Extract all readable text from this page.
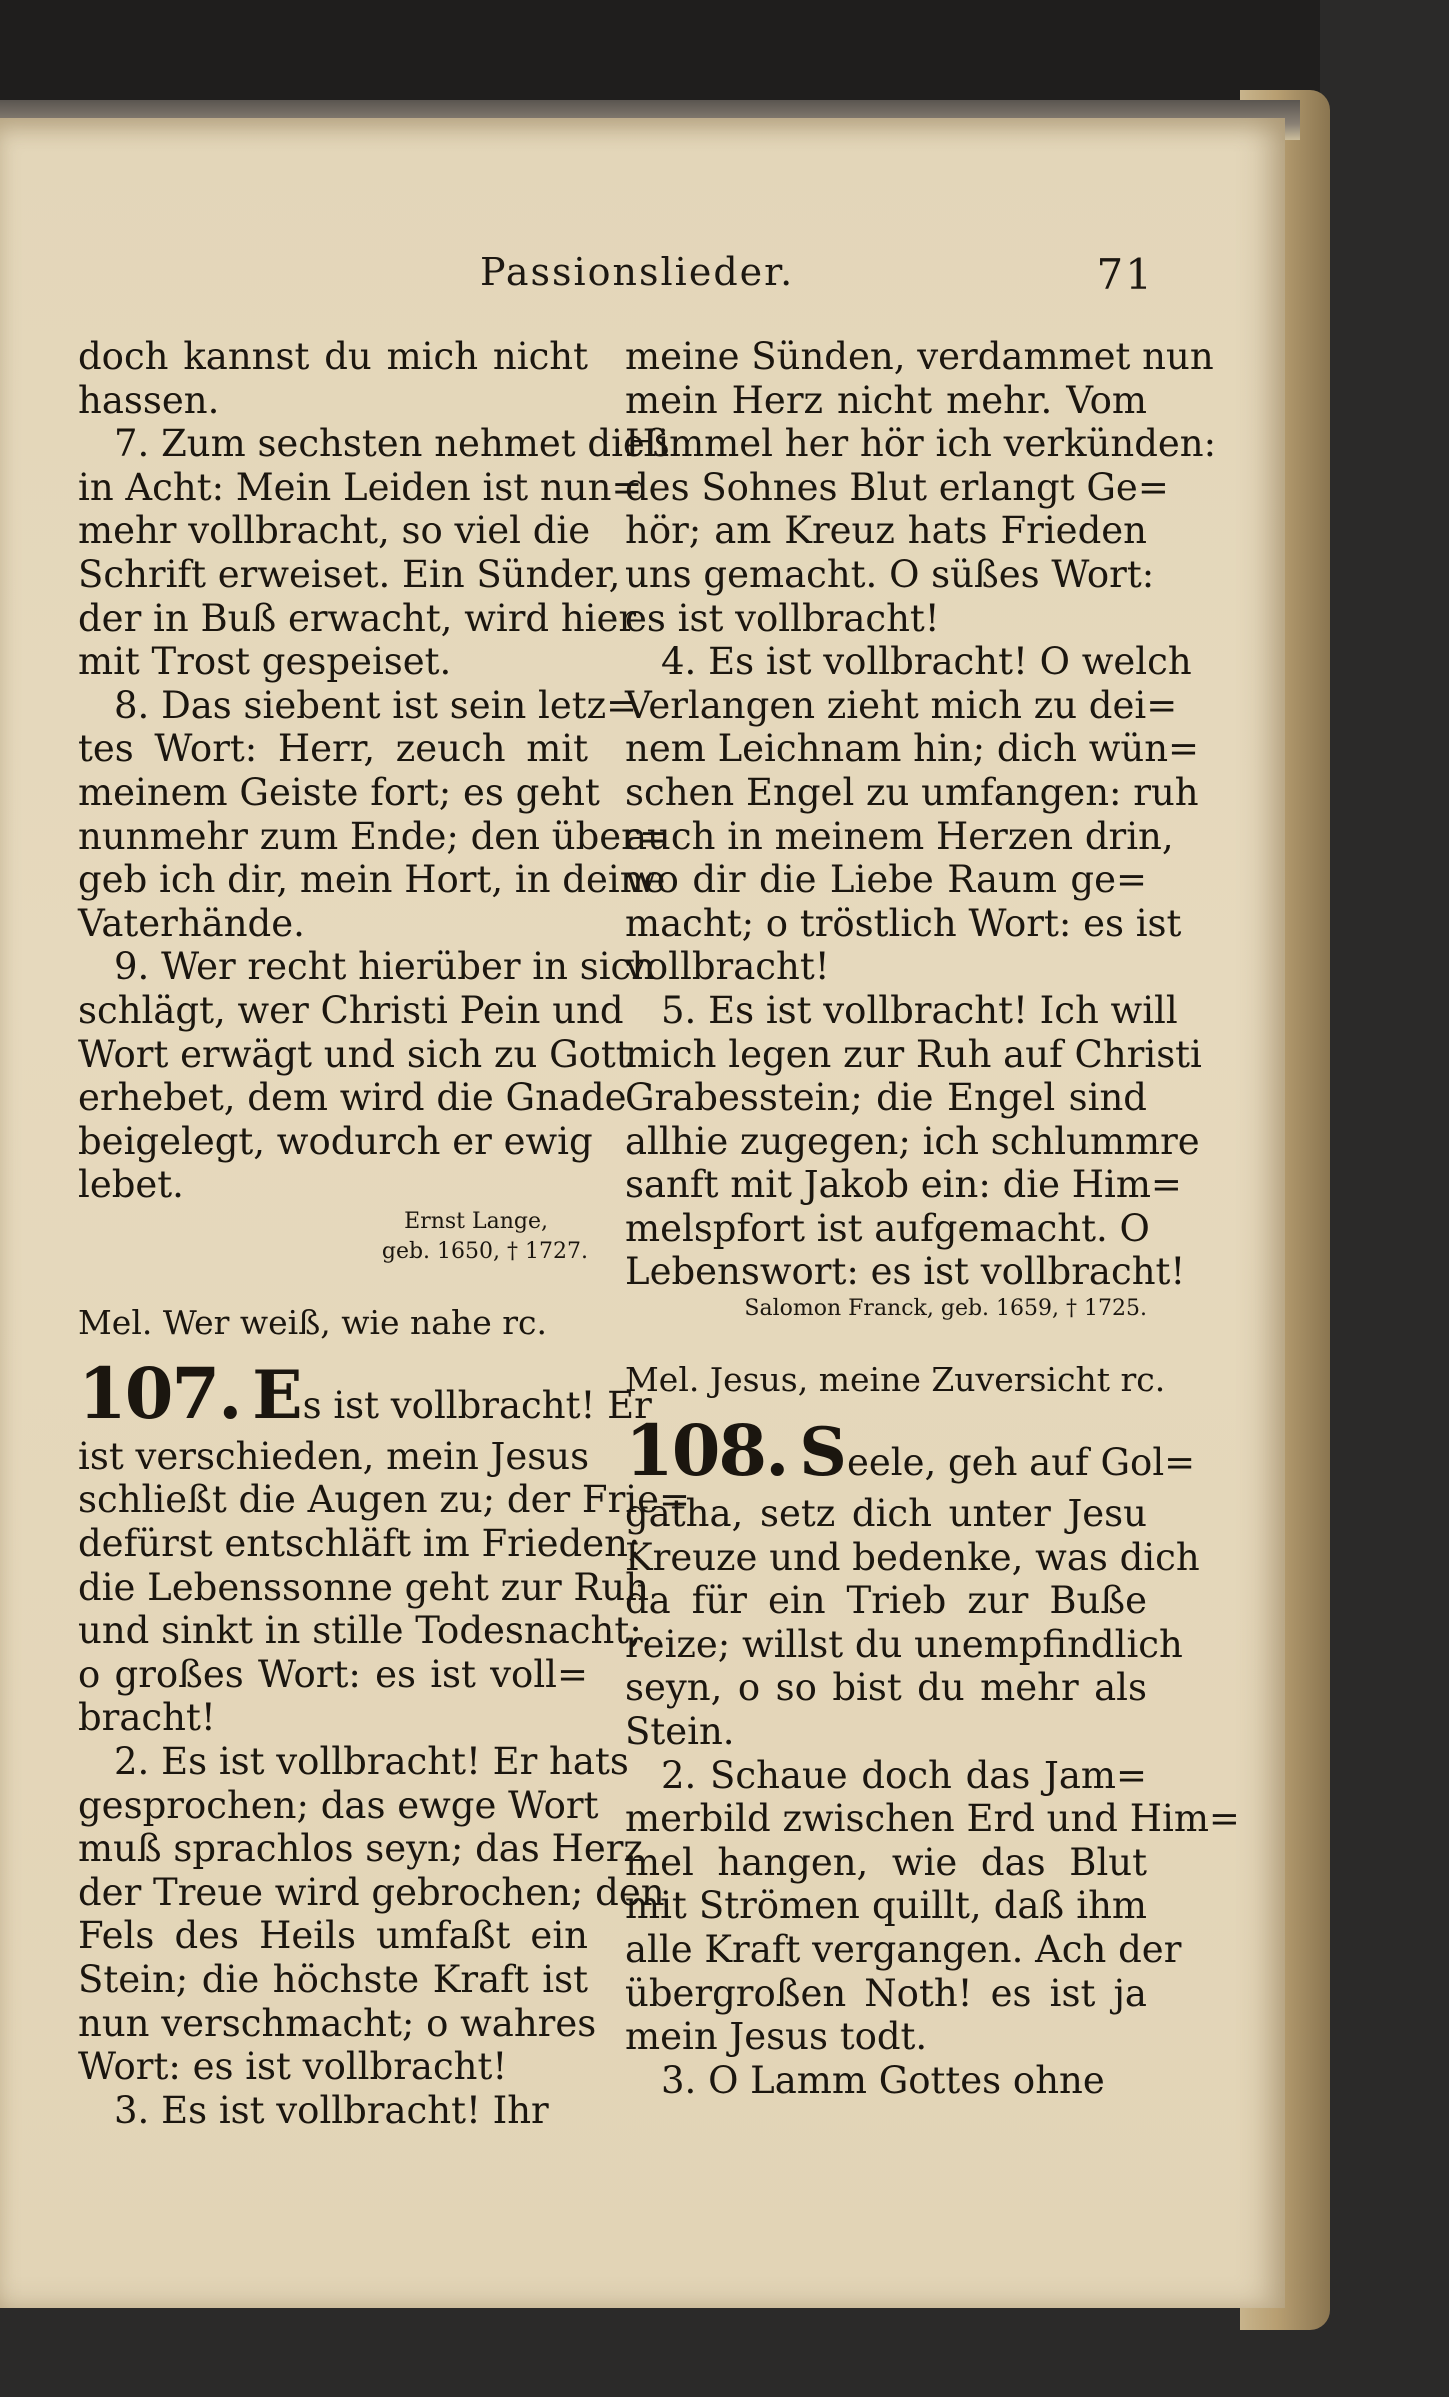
Passionslieder.	71
doch kannst du mich nicht
hassen.
7. Zum sechsten nehmet dieß
in Acht: Mein Leiden ist nun=
mehr vollbracht, so viel die
Schrift erweiset. Ein Sünder,
der in Buß erwacht, wird hier
mit Trost gespeiset.
8. Das siebent ist sein letz=
tes Wort: Herr, zeuch mit
meinem Geiste fort; es geht
nunmehr zum Ende; den über=
geb ich dir, mein Hort, in deine
Vaterhände.
9. Wer recht hierüber in sich
schlägt, wer Christi Pein und
Wort erwägt und sich zu Gott
erhebet, dem wird die Gnade
beigelegt, wodurch er ewig
lebet.
Ernst Lange,
geb. 1650, † 1727.
Mel. Wer weiß, wie nahe rc.
107. Es ist vollbracht! Er
ist verschieden, mein Jesus
schließt die Augen zu; der Frie=
defürst entschläft im Frieden;
die Lebenssonne geht zur Ruh
und sinkt in stille Todesnacht;
o großes Wort: es ist voll=
bracht!
2. Es ist vollbracht! Er hats
gesprochen; das ewge Wort
muß sprachlos seyn; das Herz
der Treue wird gebrochen; den
Fels des Heils umfaßt ein
Stein; die höchste Kraft ist
nun verschmacht; o wahres
Wort: es ist vollbracht!
3. Es ist vollbracht! Ihr
meine Sünden, verdammet nun
mein Herz nicht mehr. Vom
Himmel her hör ich verkünden:
des Sohnes Blut erlangt Ge=
hör; am Kreuz hats Frieden
uns gemacht. O süßes Wort:
es ist vollbracht!
4. Es ist vollbracht! O welch
Verlangen zieht mich zu dei=
nem Leichnam hin; dich wün=
schen Engel zu umfangen: ruh
auch in meinem Herzen drin,
wo dir die Liebe Raum ge=
macht; o tröstlich Wort: es ist
vollbracht!
5. Es ist vollbracht! Ich will
mich legen zur Ruh auf Christi
Grabesstein; die Engel sind
allhie zugegen; ich schlummre
sanft mit Jakob ein: die Him=
melspfort ist aufgemacht. O
Lebenswort: es ist vollbracht!
Salomon Franck, geb. 1659, † 1725.
Mel. Jesus, meine Zuversicht rc.
108. Seele, geh auf Gol=
gatha, setz dich unter Jesu
Kreuze und bedenke, was dich
da für ein Trieb zur Buße
reize; willst du unempfindlich
seyn, o so bist du mehr als
Stein.
2. Schaue doch das Jam=
merbild zwischen Erd und Him=
mel hangen, wie das Blut
mit Strömen quillt, daß ihm
alle Kraft vergangen. Ach der
übergroßen Noth! es ist ja
mein Jesus todt.
3. O Lamm Gottes ohne
